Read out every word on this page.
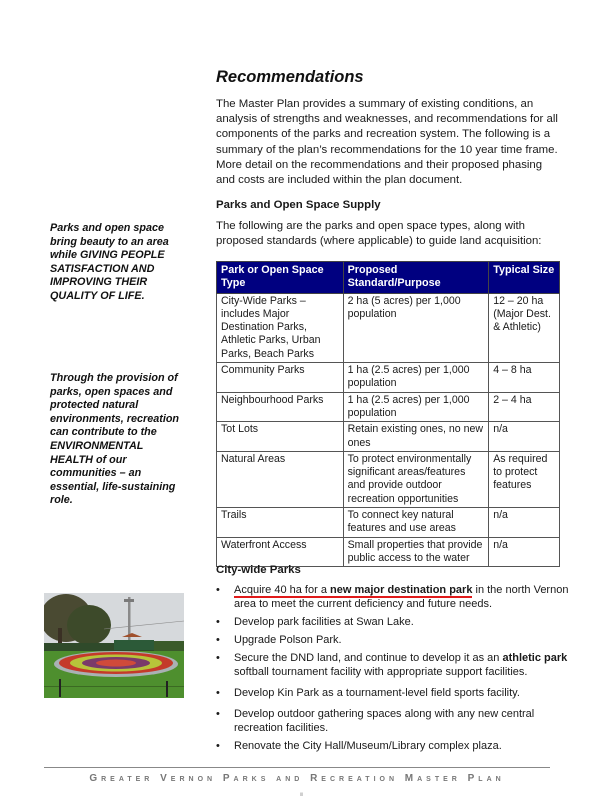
Recommendations

The Master Plan provides a summary of existing conditions, an analysis of strengths and weaknesses, and recommendations for all components of the parks and recreation system. The following is a summary of the plan’s recommendations for the 10 year time frame. More detail on the recommendations and their proposed phasing and costs are included within the plan document.

Parks and Open Space Supply

The following are the parks and open space types, along with proposed standards (where applicable) to guide land acquisition:

Park or Open Space Type	Proposed Standard/Purpose	Typical Size
City-Wide Parks – includes Major Destination Parks, Athletic Parks, Urban Parks, Beach Parks	2 ha (5 acres) per 1,000 population	12 – 20 ha (Major Dest. & Athletic)
Community Parks	1 ha (2.5 acres) per 1,000 population	4 – 8 ha
Neighbourhood Parks	1 ha (2.5 acres) per 1,000 population	2 – 4 ha
Tot Lots	Retain existing ones, no new ones	n/a
Natural Areas	To protect environmentally significant areas/features and provide outdoor recreation opportunities	As required to protect features
Trails	To connect key natural features and use areas	n/a
Waterfront Access	Small properties that provide public access to the water	n/a

Parks and open space bring beauty to an area while GIVING PEOPLE SATISFACTION AND IMPROVING THEIR QUALITY OF LIFE.

Through the provision of parks, open spaces and protected natural environments, recreation can contribute to the ENVIRONMENTAL HEALTH of our communities – an essential, life-sustaining role.

City-wide Parks
• Acquire 40 ha for a new major destination park in the north Vernon area to meet the current deficiency and future needs.
• Develop park facilities at Swan Lake.
• Upgrade Polson Park.
• Secure the DND land, and continue to develop it as an athletic park softball tournament facility with appropriate support facilities.
• Develop Kin Park as a tournament-level field sports facility.
• Develop outdoor gathering spaces along with any new central recreation facilities.
• Renovate the City Hall/Museum/Library complex plaza.
Greater Vernon Parks and Recreation Master Plan
iii
